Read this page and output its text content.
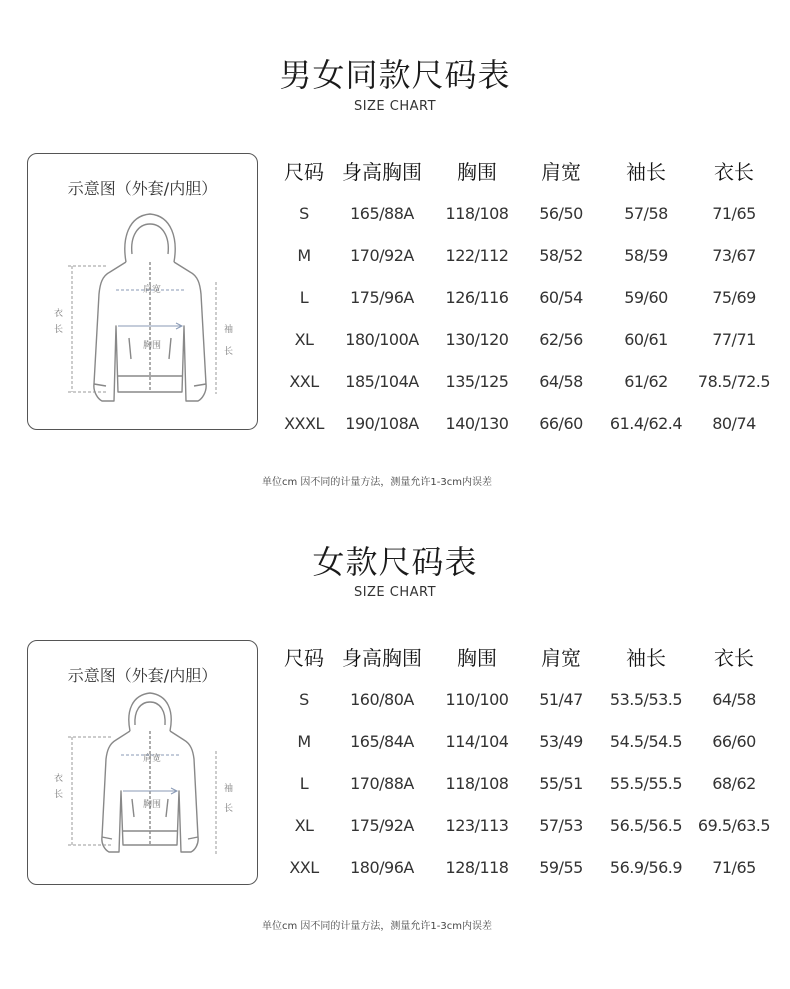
男女同款尺码表
SIZE CHART
示意图（外套/内胆）
肩宽
胸围
衣
长	袖
长
尺码	身高胸围	胸围	肩宽	袖长	衣长
S	165/88A	118/108	56/50	57/58	71/65
M	170/92A	122/112	58/52	58/59	73/67
L	175/96A	126/116	60/54	59/60	75/69
XL	180/100A	130/120	62/56	60/61	77/71
XXL	185/104A	135/125	64/58	61/62	78.5/72.5
XXXL	190/108A	140/130	66/60	61.4/62.4	80/74
单位cm 因不同的计量方法，测量允许1-3cm内误差
女款尺码表
SIZE CHART
示意图（外套/内胆）
肩宽
胸围
衣
长
袖
长
尺码	身高胸围	胸围	肩宽	袖长	衣长
S	160/80A	110/100	51/47	53.5/53.5	64/58
M	165/84A	114/104	53/49	54.5/54.5	66/60
L	170/88A	118/108	55/51	55.5/55.5	68/62
XL	175/92A	123/113	57/53	56.5/56.5	69.5/63.5
XXL	180/96A	128/118	59/55	56.9/56.9	71/65
单位cm 因不同的计量方法，测量允许1-3cm内误差
